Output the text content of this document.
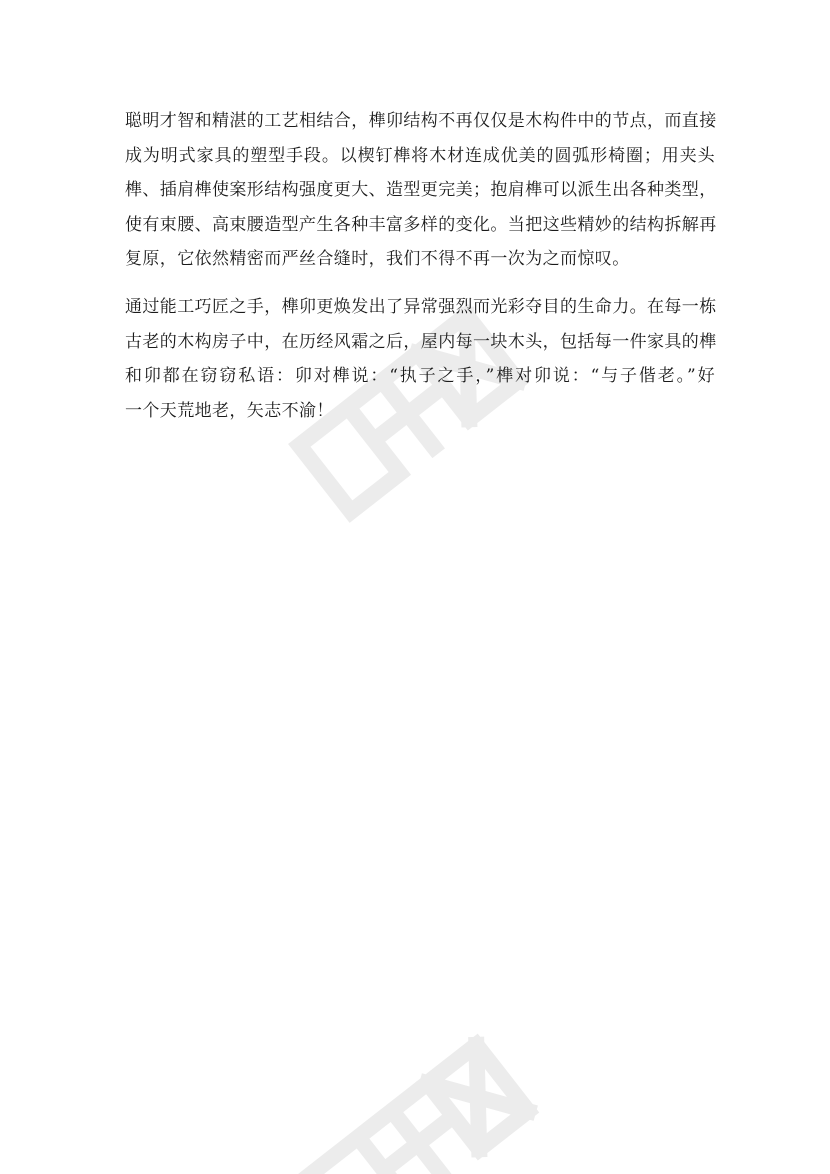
聪明才智和精湛的工艺相结合，榫卯结构不再仅仅是木构件中的节点，而直接
成为明式家具的塑型手段。以楔钉榫将木材连成优美的圆弧形椅圈；用夹头
榫、插肩榫使案形结构强度更大、造型更完美；抱肩榫可以派生出各种类型，
使有束腰、高束腰造型产生各种丰富多样的变化。当把这些精妙的结构拆解再
复原，它依然精密而严丝合缝时，我们不得不再一次为之而惊叹。
通过能工巧匠之手，榫卯更焕发出了异常强烈而光彩夺目的生命力。在每一栋
古老的木构房子中，在历经风霜之后，屋内每一块木头，包括每一件家具的榫
和卯都在窃窃私语：卯对榫说：“执子之手，”榫对卯说：“与子偕老。”好
一个天荒地老，矢志不渝！
